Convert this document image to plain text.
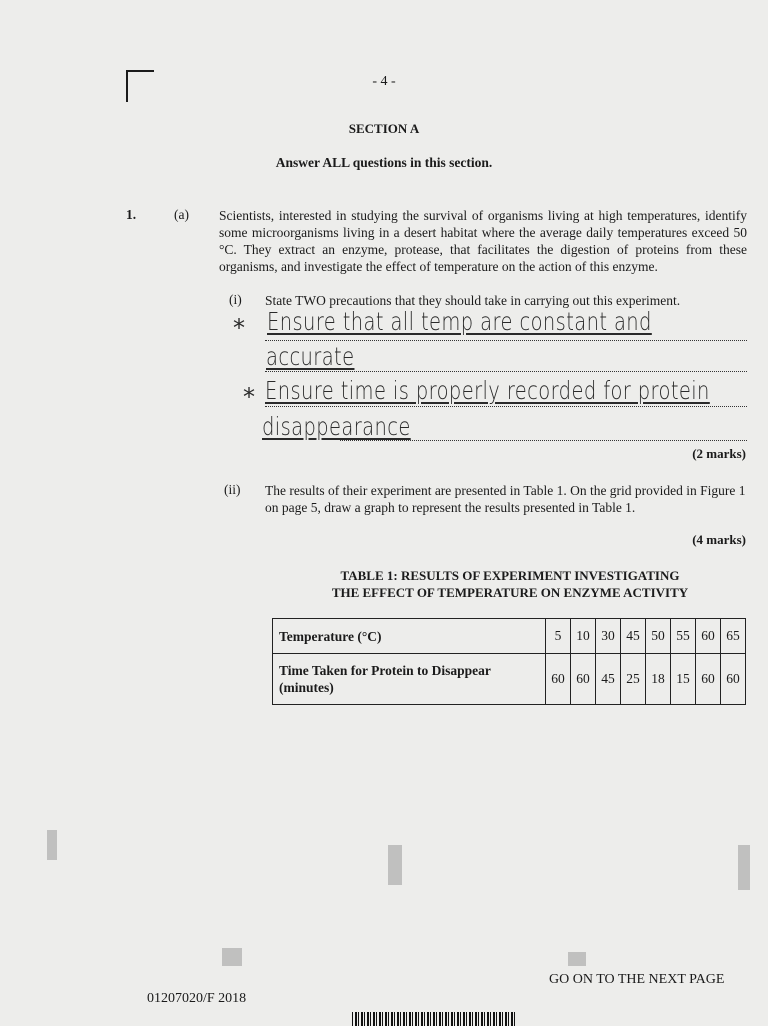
- 4 -
SECTION A
Answer ALL questions in this section.
1.	(a) Scientists, interested in studying the survival of organisms living at high temperatures, identify some microorganisms living in a desert habitat where the average daily temperatures exceed 50 °C. They extract an enzyme, protease, that facilitates the digestion of proteins from these organisms, and investigate the effect of temperature on the action of this enzyme.
(i) State TWO precautions that they should take in carrying out this experiment.
* Ensure that all temp are constant and
accurate
* Ensure time is properly recorded for protein
disappearance
(2 marks)
(ii) The results of their experiment are presented in Table 1. On the grid provided in Figure 1 on page 5, draw a graph to represent the results presented in Table 1.
(4 marks)
TABLE 1: RESULTS OF EXPERIMENT INVESTIGATING
THE EFFECT OF TEMPERATURE ON ENZYME ACTIVITY
Temperature (°C)	5	10	30	45	50	55	60	65
Time Taken for Protein to Disappear (minutes)	60	60	45	25	18	15	60	60
GO ON TO THE NEXT PAGE
01207020/F 2018
